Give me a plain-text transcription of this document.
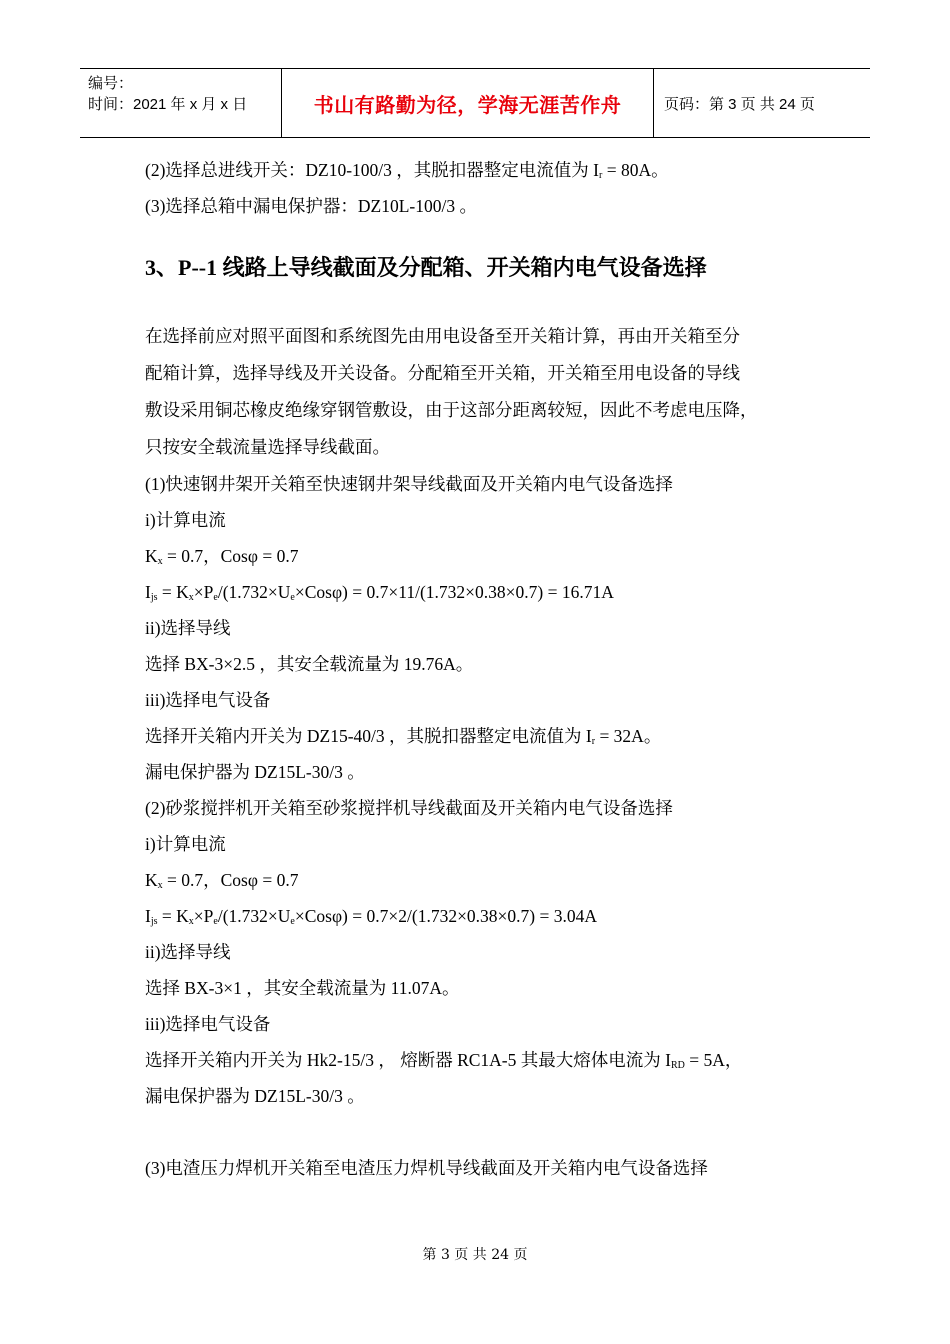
编号：
时间：2021 年 x 月 x 日	书山有路勤为径，学海无涯苦作舟	页码：第 3 页 共 24 页
(2)选择总进线开关：DZ10-100/3 ，其脱扣器整定电流值为 $I_r = 80A$。
(3)选择总箱中漏电保护器：DZ10L-100/3 。
3、P--1 线路上导线截面及分配箱、开关箱内电气设备选择
在选择前应对照平面图和系统图先由用电设备至开关箱计算，再由开关箱至分
配箱计算，选择导线及开关设备。分配箱至开关箱，开关箱至用电设备的导线
敷设采用铜芯橡皮绝缘穿钢管敷设，由于这部分距离较短，因此不考虑电压降，
只按安全载流量选择导线截面。
(1)快速钢井架开关箱至快速钢井架导线截面及开关箱内电气设备选择
i)计算电流
$K_x = 0.7$，Cosφ = 0.7
$I_{js} = K_x\times P_e/(1.732\times U_e\times Cos\varphi) = 0.7\times 11/(1.732\times 0.38\times 0.7) = 16.71A$
ii)选择导线
选择 BX-3×2.5 ，其安全载流量为 19.76A。
iii)选择电气设备
选择开关箱内开关为 DZ15-40/3 ，其脱扣器整定电流值为 $I_r = 32A$。
漏电保护器为 DZ15L-30/3 。
(2)砂浆搅拌机开关箱至砂浆搅拌机导线截面及开关箱内电气设备选择
i)计算电流
$K_x = 0.7$，Cosφ = 0.7
$I_{js} = K_x\times P_e/(1.732\times U_e\times Cos\varphi) = 0.7\times 2/(1.732\times 0.38\times 0.7) = 3.04A$
ii)选择导线
选择 BX-3×1 ，其安全载流量为 11.07A。
iii)选择电气设备
选择开关箱内开关为 Hk2-15/3 ， 熔断器 RC1A-5 其最大熔体电流为 $I_{RD} = 5A$，
漏电保护器为 DZ15L-30/3 。
(3)电渣压力焊机开关箱至电渣压力焊机导线截面及开关箱内电气设备选择
第 3 页 共 24 页
